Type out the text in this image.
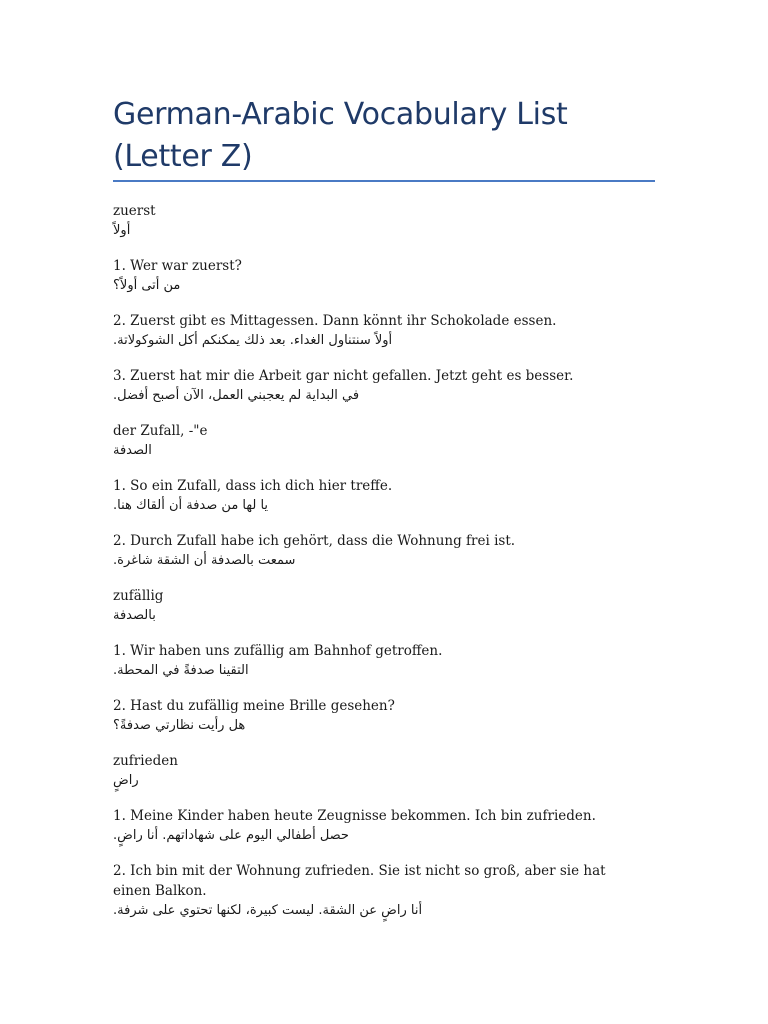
German-Arabic Vocabulary List (Letter Z)
zuerst
أولاً
1. Wer war zuerst?
من أتى أولاً؟
2. Zuerst gibt es Mittagessen. Dann könnt ihr Schokolade essen.
أولاً سنتناول الغداء. بعد ذلك يمكنكم أكل الشوكولاتة.
3. Zuerst hat mir die Arbeit gar nicht gefallen. Jetzt geht es besser.
في البداية لم يعجبني العمل، الآن أصبح أفضل.
der Zufall, -"e
الصدفة
1. So ein Zufall, dass ich dich hier treffe.
يا لها من صدفة أن ألقاك هنا.
2. Durch Zufall habe ich gehört, dass die Wohnung frei ist.
سمعت بالصدفة أن الشقة شاغرة.
zufällig
بالصدفة
1. Wir haben uns zufällig am Bahnhof getroffen.
التقينا صدفةً في المحطة.
2. Hast du zufällig meine Brille gesehen?
هل رأيت نظارتي صدفةً؟
zufrieden
راضٍ
1. Meine Kinder haben heute Zeugnisse bekommen. Ich bin zufrieden.
حصل أطفالي اليوم على شهاداتهم. أنا راضٍ.
2. Ich bin mit der Wohnung zufrieden. Sie ist nicht so groß, aber sie hat einen Balkon.
أنا راضٍ عن الشقة. ليست كبيرة، لكنها تحتوي على شرفة.
